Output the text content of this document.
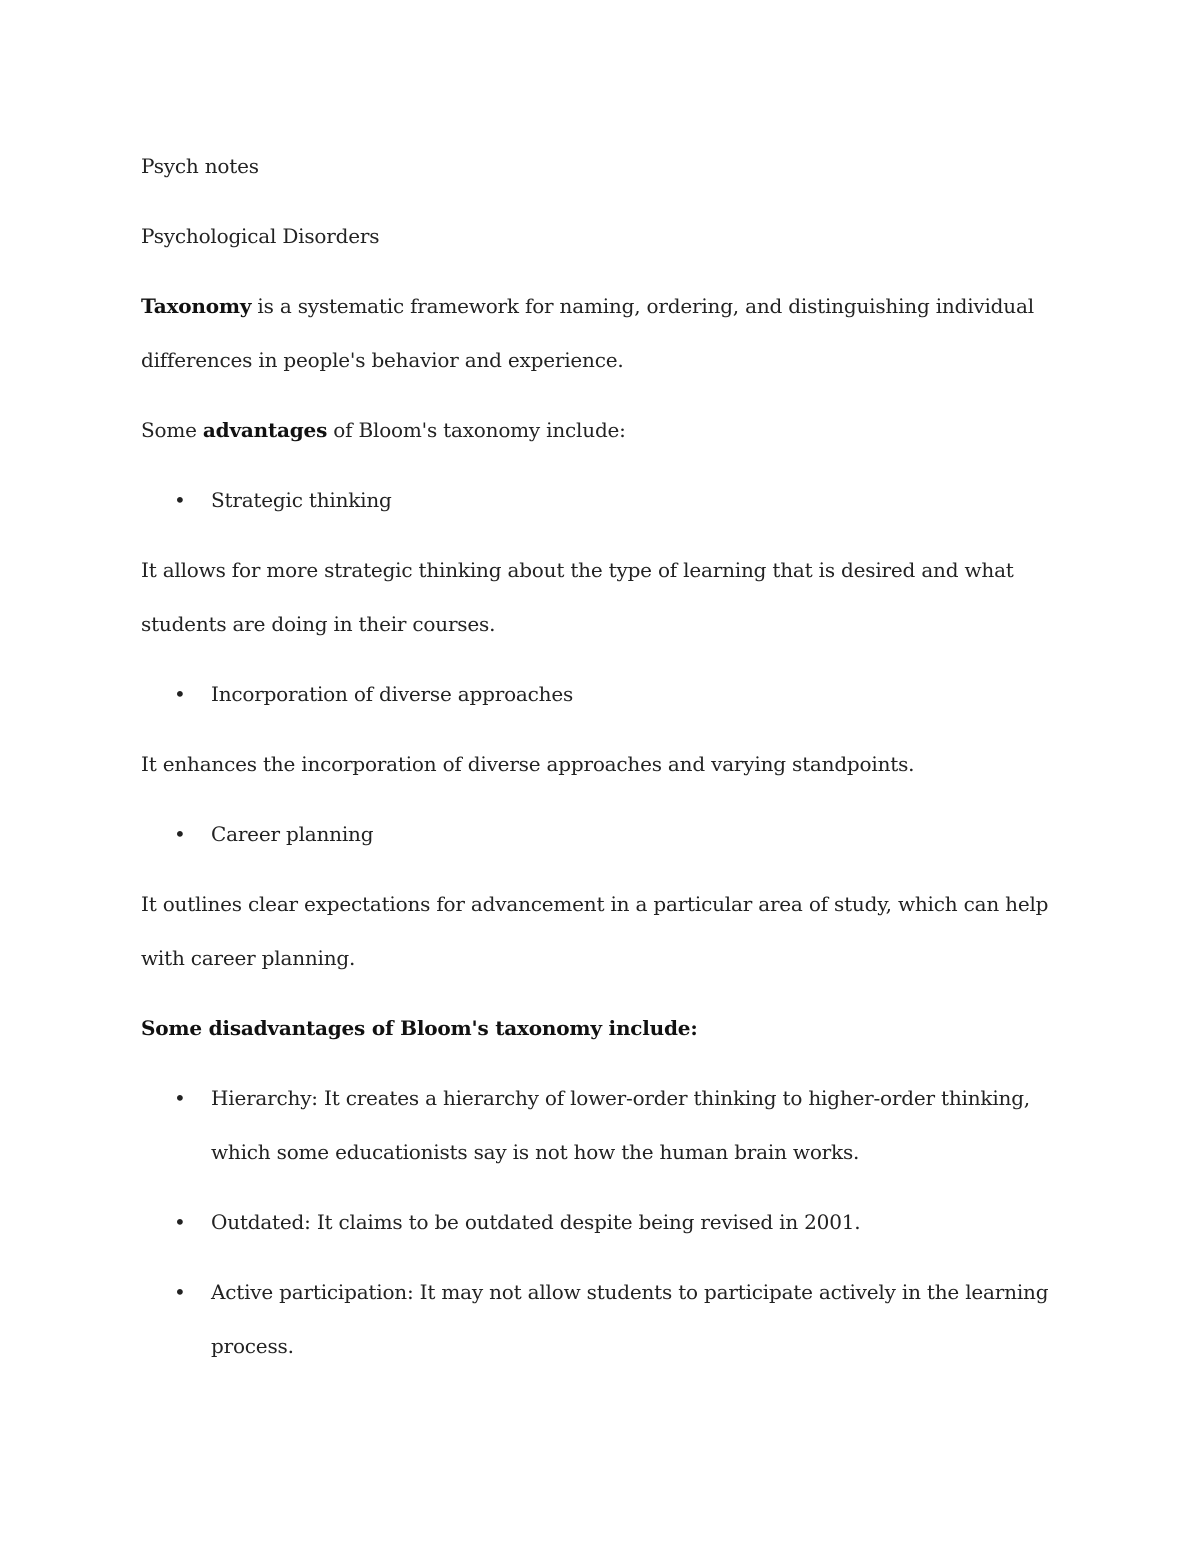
Psych notes

Psychological Disorders

Taxonomy is a systematic framework for naming, ordering, and distinguishing individual differences in people's behavior and experience.

Some advantages of Bloom's taxonomy include:

• Strategic thinking

It allows for more strategic thinking about the type of learning that is desired and what students are doing in their courses.

• Incorporation of diverse approaches

It enhances the incorporation of diverse approaches and varying standpoints.

• Career planning

It outlines clear expectations for advancement in a particular area of study, which can help with career planning.

Some disadvantages of Bloom's taxonomy include:

• Hierarchy: It creates a hierarchy of lower-order thinking to higher-order thinking, which some educationists say is not how the human brain works.
• Outdated: It claims to be outdated despite being revised in 2001.
• Active participation: It may not allow students to participate actively in the learning process.
